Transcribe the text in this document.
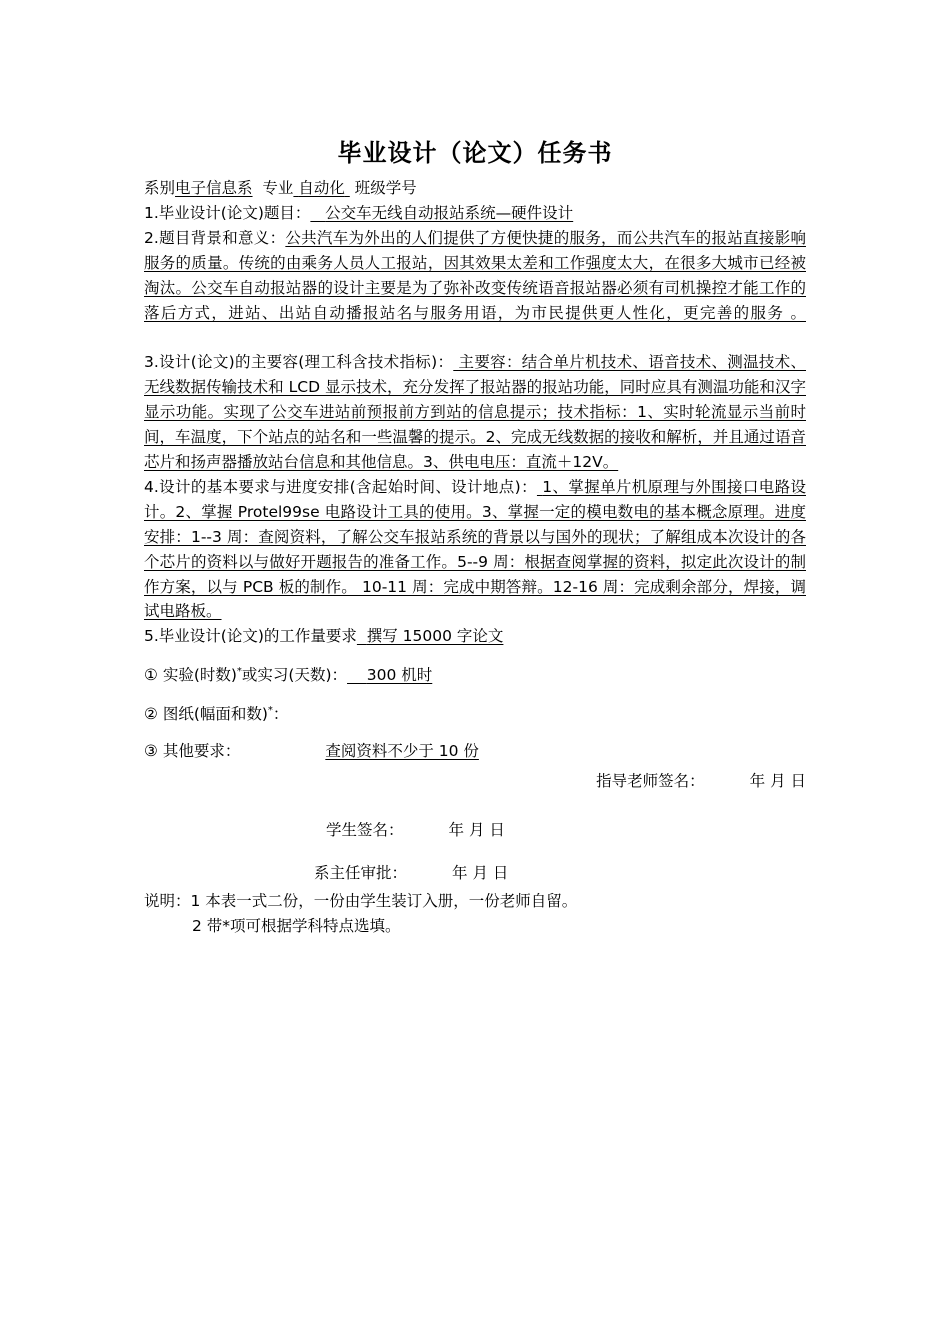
毕业设计（论文）任务书
系别电子信息系 专业 自动化 班级学号
1.毕业设计(论文)题目： 公交车无线自动报站系统—硬件设计
2.题目背景和意义：公共汽车为外出的人们提供了方便快捷的服务，而公共汽车的报站直接影响服务的质量。传统的由乘务人员人工报站，因其效果太差和工作强度太大，在很多大城市已经被淘汰。公交车自动报站器的设计主要是为了弥补改变传统语音报站器必须有司机操控才能工作的落后方式，进站、出站自动播报站名与服务用语，为市民提供更人性化，更完善的服务 。
3.设计(论文)的主要容(理工科含技术指标)： 主要容：结合单片机技术、语音技术、测温技术、无线数据传输技术和 LCD 显示技术，充分发挥了报站器的报站功能，同时应具有测温功能和汉字显示功能。实现了公交车进站前预报前方到站的信息提示；技术指标：1、实时轮流显示当前时间，车温度，下个站点的站名和一些温馨的提示。2、完成无线数据的接收和解析，并且通过语音芯片和扬声器播放站台信息和其他信息。3、供电电压：直流＋12V。
4.设计的基本要求与进度安排(含起始时间、设计地点)： 1、掌握单片机原理与外围接口电路设计。2、掌握 Protel99se 电路设计工具的使用。3、掌握一定的模电数电的基本概念原理。进度安排：1--3 周：查阅资料，了解公交车报站系统的背景以与国外的现状；了解组成本次设计的各个芯片的资料以与做好开题报告的准备工作。5--9 周：根据查阅掌握的资料，拟定此次设计的制作方案，以与 PCB 板的制作。 10-11 周：完成中期答辩。12-16 周：完成剩余部分，焊接，调试电路板。
5.毕业设计(论文)的工作量要求 撰写 15000 字论文
① 实验(时数)*或实习(天数)： 300 机时
② 图纸(幅面和数)*：
③ 其他要求：	查阅资料不少于 10 份
指导老师签名：	年 月 日
学生签名：	年 月 日
系主任审批：	年 月 日
说明：1 本表一式二份，一份由学生装订入册，一份老师自留。
2 带*项可根据学科特点选填。
